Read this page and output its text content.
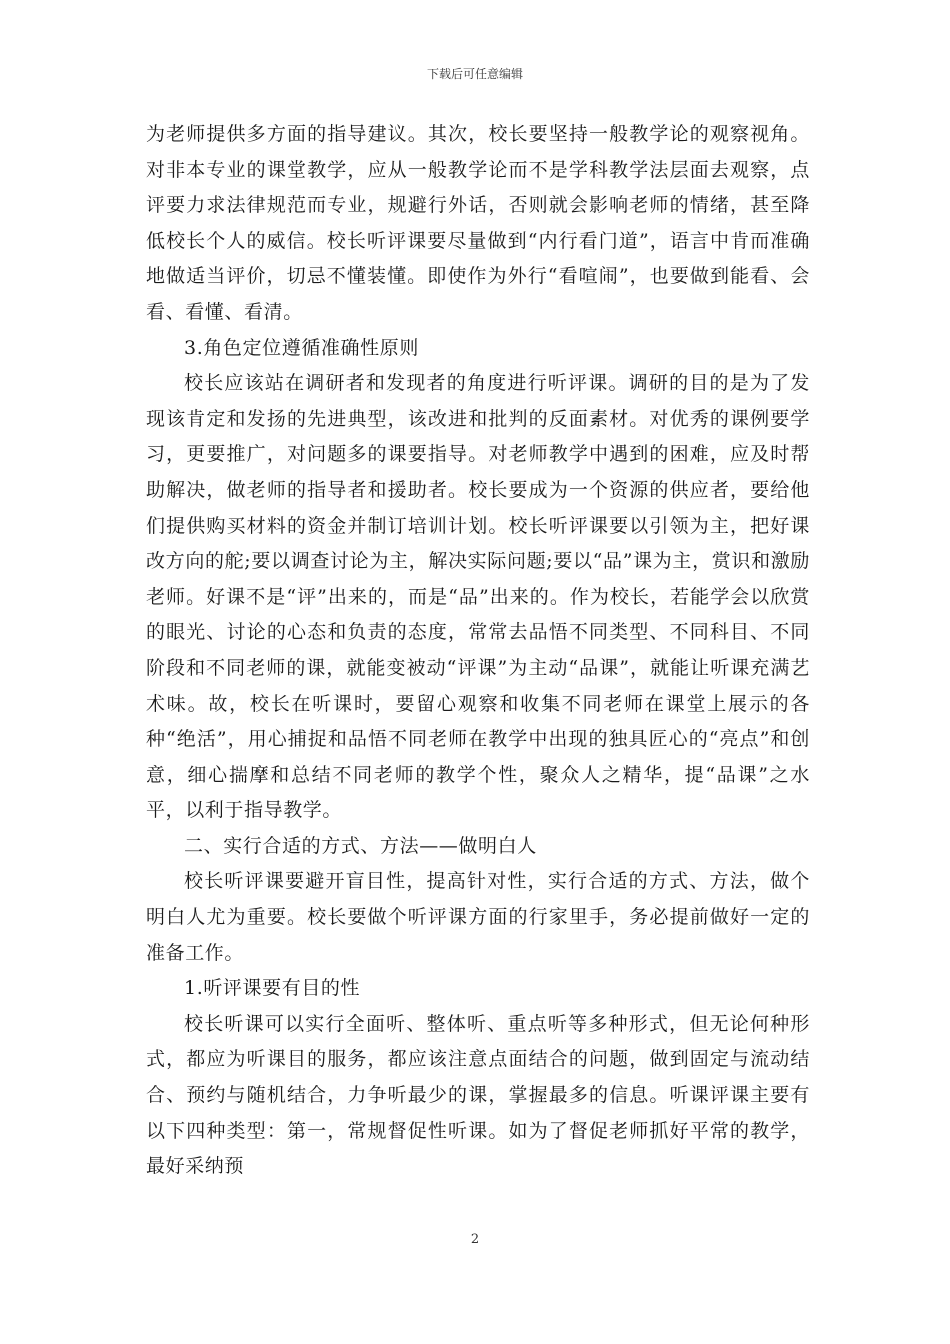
下载后可任意编辑

为老师提供多方面的指导建议。其次，校长要坚持一般教学论的观察视角。对非本专业的课堂教学，应从一般教学论而不是学科教学法层面去观察，点评要力求法律规范而专业，规避行外话，否则就会影响老师的情绪，甚至降低校长个人的威信。校长听评课要尽量做到“内行看门道”，语言中肯而准确地做适当评价，切忌不懂装懂。即使作为外行“看喧闹”，也要做到能看、会看、看懂、看清。

3.角色定位遵循准确性原则

校长应该站在调研者和发现者的角度进行听评课。调研的目的是为了发现该肯定和发扬的先进典型，该改进和批判的反面素材。对优秀的课例要学习，更要推广，对问题多的课要指导。对老师教学中遇到的困难，应及时帮助解决，做老师的指导者和援助者。校长要成为一个资源的供应者，要给他们提供购买材料的资金并制订培训计划。校长听评课要以引领为主，把好课改方向的舵;要以调查讨论为主，解决实际问题;要以“品”课为主，赏识和激励老师。好课不是“评”出来的，而是“品”出来的。作为校长，若能学会以欣赏的眼光、讨论的心态和负责的态度，常常去品悟不同类型、不同科目、不同阶段和不同老师的课，就能变被动“评课”为主动“品课”，就能让听课充满艺术味。故，校长在听课时，要留心观察和收集不同老师在课堂上展示的各种“绝活”，用心捕捉和品悟不同老师在教学中出现的独具匠心的“亮点”和创意，细心揣摩和总结不同老师的教学个性，聚众人之精华，提“品课”之水平，以利于指导教学。

二、实行合适的方式、方法——做明白人

校长听评课要避开盲目性，提高针对性，实行合适的方式、方法，做个明白人尤为重要。校长要做个听评课方面的行家里手，务必提前做好一定的准备工作。

1.听评课要有目的性

校长听课可以实行全面听、整体听、重点听等多种形式，但无论何种形式，都应为听课目的服务，都应该注意点面结合的问题，做到固定与流动结合、预约与随机结合，力争听最少的课，掌握最多的信息。听课评课主要有以下四种类型：第一，常规督促性听课。如为了督促老师抓好平常的教学，最好采纳预

2
